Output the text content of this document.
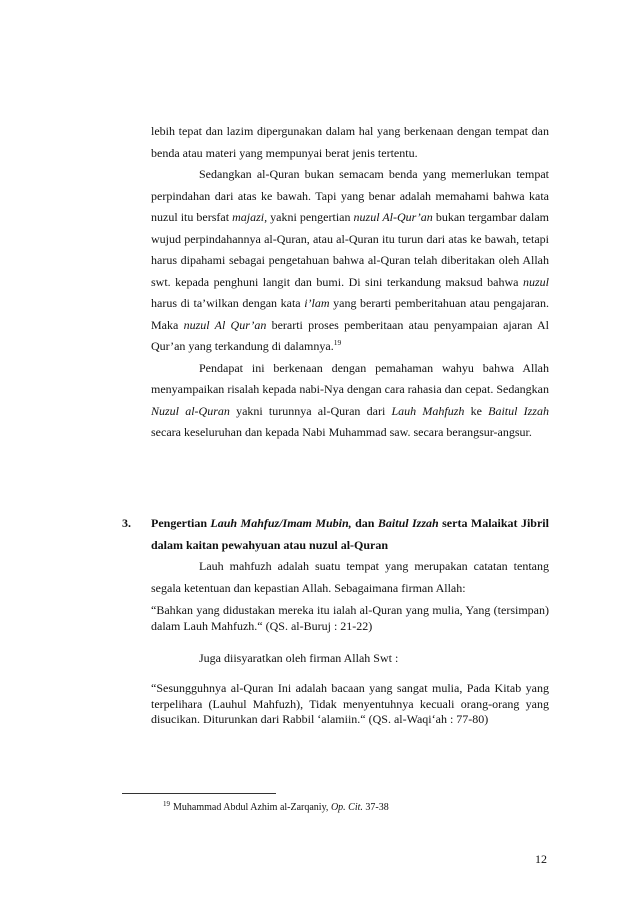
lebih tepat dan lazim dipergunakan dalam hal yang berkenaan dengan tempat dan benda atau materi yang mempunyai berat jenis tertentu.

Sedangkan al-Quran bukan semacam benda yang memerlukan tempat perpindahan dari atas ke bawah. Tapi yang benar adalah memahami bahwa kata nuzul itu bersfat majazi, yakni pengertian nuzul Al-Qur’an bukan tergambar dalam wujud perpindahannya al-Quran, atau al-Quran itu turun dari atas ke bawah, tetapi harus dipahami sebagai pengetahuan bahwa al-Quran telah diberitakan oleh Allah swt. kepada penghuni langit dan bumi. Di sini terkandung maksud bahwa nuzul harus di ta’wilkan dengan kata i’lam yang berarti pemberitahuan atau pengajaran. Maka nuzul Al Qur’an berarti proses pemberitaan atau penyampaian ajaran Al Qur’an yang terkandung di dalamnya.$^{19}$

Pendapat ini berkenaan dengan pemahaman wahyu bahwa Allah menyampaikan risalah kepada nabi-Nya dengan cara rahasia dan cepat. Sedangkan Nuzul al-Quran yakni turunnya al-Quran dari Lauh Mahfuzh ke Baitul Izzah secara keseluruhan dan kepada Nabi Muhammad saw. secara berangsur-angsur.

3. Pengertian Lauh Mahfuz/Imam Mubin, dan Baitul Izzah serta Malaikat Jibril dalam kaitan pewahyuan atau nuzul al-Quran

Lauh mahfuzh adalah suatu tempat yang merupakan catatan tentang segala ketentuan dan kepastian Allah. Sebagaimana firman Allah:

“Bahkan yang didustakan mereka itu ialah al-Quran yang mulia, Yang (tersimpan) dalam Lauh Mahfuzh.“ (QS. al-Buruj : 21-22)

Juga diisyaratkan oleh firman Allah Swt :

“Sesungguhnya al-Quran Ini adalah bacaan yang sangat mulia, Pada Kitab yang terpelihara (Lauhul Mahfuzh), Tidak menyentuhnya kecuali orang-orang yang disucikan. Diturunkan dari Rabbil ‘alamiin.“ (QS. al-Waqi‘ah : 77-80)

$^{19}$ Muhammad Abdul Azhim al-Zarqaniy, Op. Cit. 37-38
12
